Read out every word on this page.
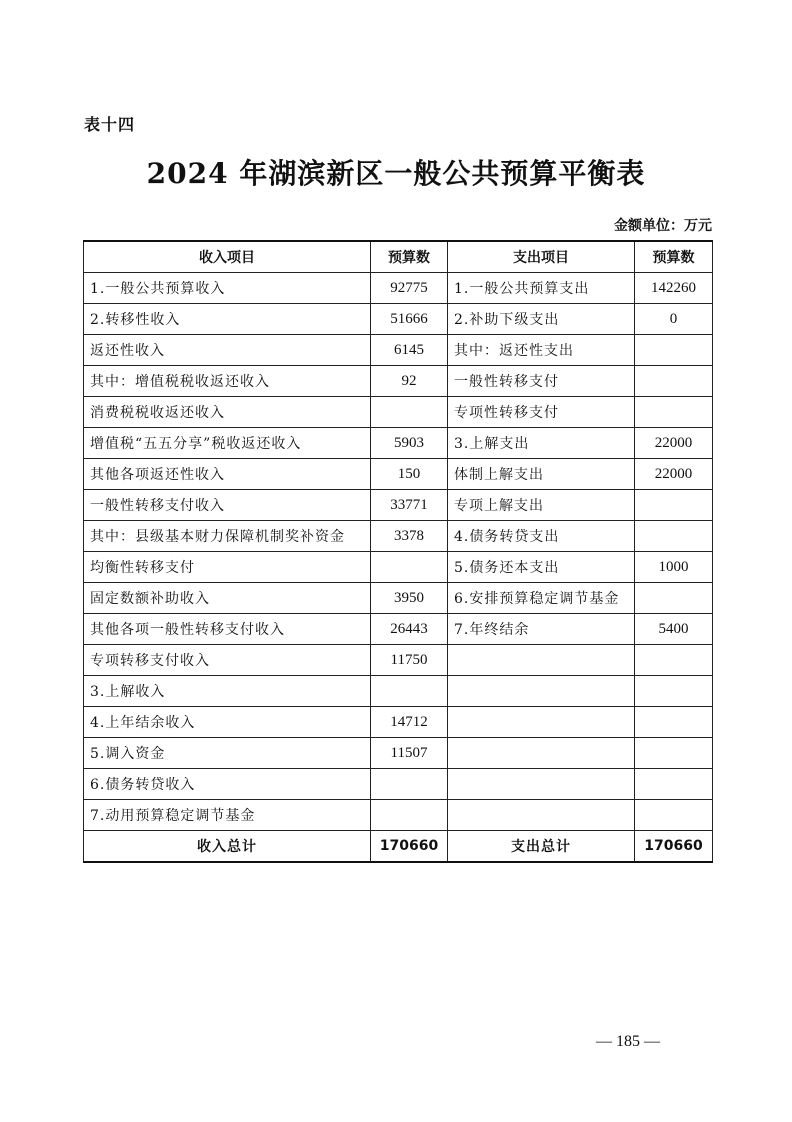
表十四
2024 年湖滨新区一般公共预算平衡表
金额单位：万元
收入项目	预算数	支出项目	预算数
1.一般公共预算收入	92775	1.一般公共预算支出	142260
2.转移性收入	51666	2.补助下级支出	0
返还性收入	6145	其中：返还性支出	
其中：增值税税收返还收入	92	一般性转移支付	
消费税税收返还收入		专项性转移支付	
增值税“五五分享”税收返还收入	5903	3.上解支出	22000
其他各项返还性收入	150	体制上解支出	22000
一般性转移支付收入	33771	专项上解支出	
其中：县级基本财力保障机制奖补资金	3378	4.债务转贷支出	
均衡性转移支付		5.债务还本支出	1000
固定数额补助收入	3950	6.安排预算稳定调节基金	
其他各项一般性转移支付收入	26443	7.年终结余	5400
专项转移支付收入	11750		
3.上解收入			
4.上年结余收入	14712		
5.调入资金	11507		
6.债务转贷收入			
7.动用预算稳定调节基金			
收入总计	170660	支出总计	170660
— 185 —
